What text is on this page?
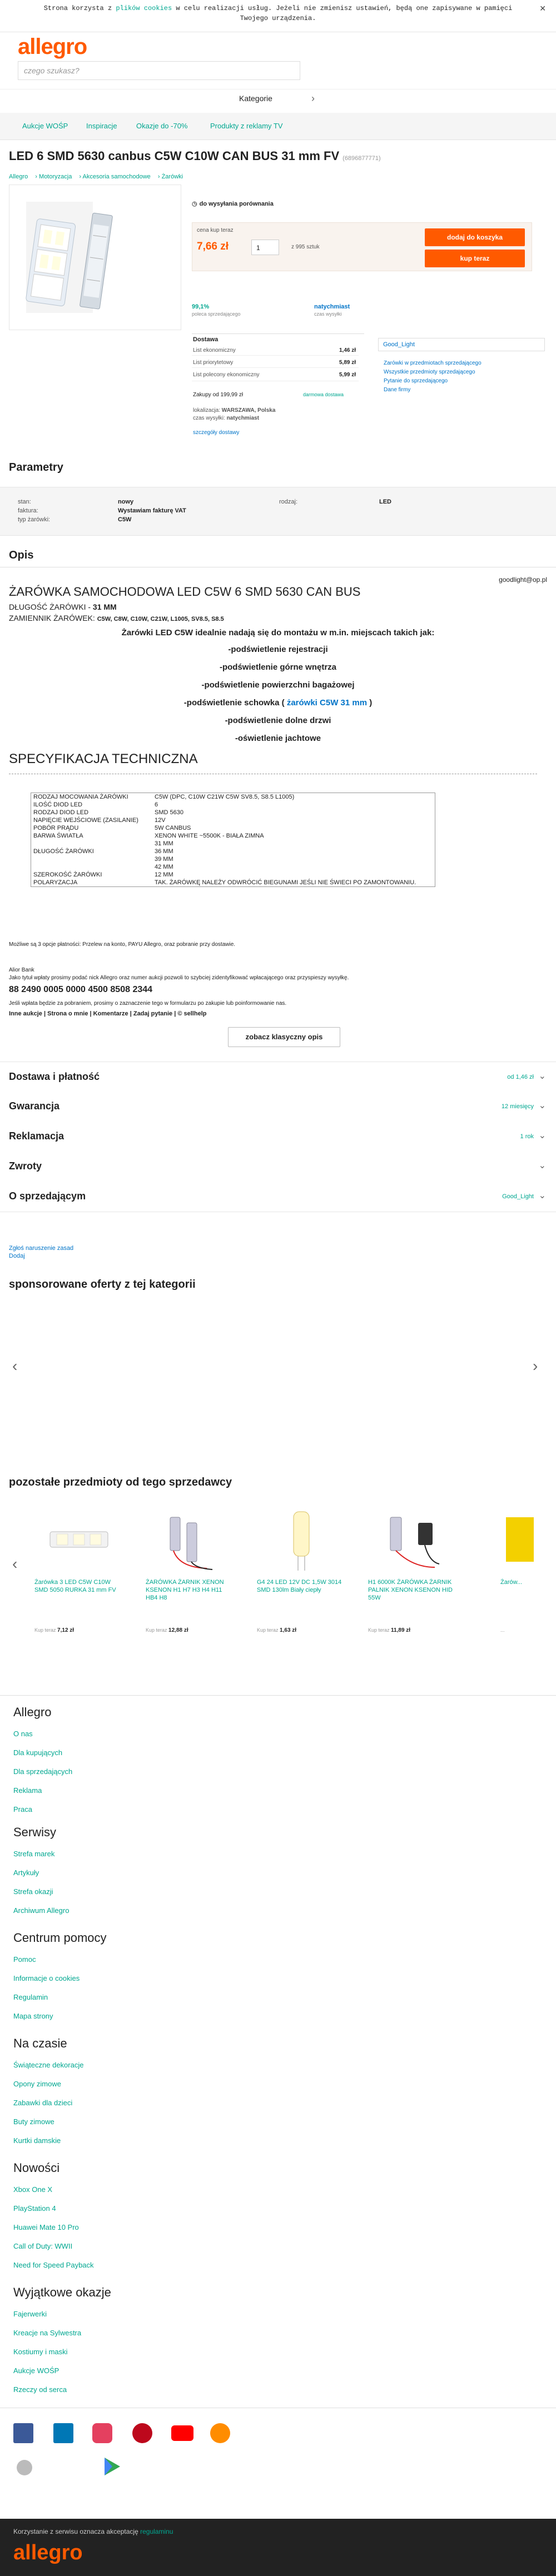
Strona korzysta z plików cookies w celu realizacji usług. Jeżeli nie zmienisz ustawień, będą one zapisywane w pamięci
Twojego urządzenia.
✕
allegro
czego szukasz?
Kategorie	›
Aukcje WOŚP	Inspiracje	Okazje do -70%	Produkty z reklamy TV
LED 6 SMD 5630 canbus C5W C10W CAN BUS 31 mm FV (6896877771)
Allegro › Motoryzacja › Akcesoria samochodowe › Żarówki
◷ do wysyłania porównania
cena kup teraz
7,66 zł	1	z 995 sztuk
dodaj do koszyka
kup teraz
99,1%
poleca sprzedającego
natychmiast
czas wysyłki
Dostawa
List ekonomiczny	1,46 zł
List priorytetowy	5,89 zł
List polecony ekonomiczny	5,99 zł
Zakupy od 199,99 zł	darmowa dostawa
lokalizacja: WARSZAWA, Polska
czas wysyłki: natychmiast
szczegóły dostawy
Good_Light
Zarówki w przedmiotach sprzedającego
Wszystkie przedmioty sprzedającego
Pytanie do sprzedającego
Dane firmy
Parametry
stan:	nowy
faktura:	Wystawiam fakturę VAT
typ żarówki:	C5W
rodzaj:	LED
Opis
goodlight@op.pl
ŻARÓWKA SAMOCHODOWA LED C5W 6 SMD 5630 CAN BUS
DŁUGOŚĆ ŻARÓWKI - 31 MM
ZAMIENNIK ŻARÓWEK: C5W, C8W, C10W, C21W, L1005, SV8.5, S8.5
Żarówki LED C5W idealnie nadają się do montażu w m.in. miejscach takich jak:
-podświetlenie rejestracji
-podświetlenie górne wnętrza
-podświetlenie powierzchni bagażowej
-podświetlenie schowka ( żarówki C5W 31 mm )
-podświetlenie dolne drzwi
-oświetlenie jachtowe
SPECYFIKACJA TECHNICZNA
RODZAJ MOCOWANIA ŻARÓWKI	C5W (DPC, C10W C21W C5W SV8.5, S8.5 L1005)
ILOŚĆ DIOD LED	6
RODZAJ DIOD LED	SMD 5630
NAPIĘCIE WEJŚCIOWE (ZASILANIE)	12V
POBÓR PRĄDU	5W CANBUS
BARWA ŚWIATŁA	XENON WHITE ~5500K - BIAŁA ZIMNA
	31 MM
DŁUGOŚĆ ŻARÓWKI	36 MM
	39 MM
	42 MM
SZEROKOŚĆ ŻARÓWKI	12 MM
POLARYZACJA	TAK. ŻARÓWKĘ NALEŻY ODWRÓCIĆ BIEGUNAMI JEŚLI NIE ŚWIECI PO ZAMONTOWANIU.
Możliwe są 3 opcje płatności: Przelew na konto, PAYU Allegro, oraz pobranie przy dostawie.
Alior Bank
Jako tytuł wpłaty prosimy podać nick Allegro oraz numer aukcji pozwoli to szybciej zidentyfikować wpłacającego oraz przyspieszy wysyłkę.
88 2490 0005 0000 4500 8508 2344
Jeśli wpłata będzie za pobraniem, prosimy o zaznaczenie tego w formularzu po zakupie lub poinformowanie nas.
Inne aukcje | Strona o mnie | Komentarze | Zadaj pytanie | © sellhelp
zobacz klasyczny opis
Dostawa i płatność	od 1,46 zł ⌄
Gwarancja	12 miesięcy ⌄
Reklamacja	1 rok ⌄
Zwroty	⌄
O sprzedającym	Good_Light ⌄
Zgłoś naruszenie zasad
Dodaj
sponsorowane oferty z tej kategorii
‹	›
pozostałe przedmioty od tego sprzedawcy
‹
Żarówka 3 LED C5W C10W SMD 5050 RURKA 31 mm FV
Kup teraz 7,12 zł
ŻARÓWKA ŻARNIK XENON KSENON H1 H7 H3 H4 H11 HB4 H8
Kup teraz 12,88 zł
G4 24 LED 12V DC 1,5W 3014 SMD 130lm Biały ciepły
Kup teraz 1,63 zł
H1 6000K ŻARÓWKA ŻARNIK PALNIK XENON KSENON HID 55W
Kup teraz 11,89 zł
Żarów...
...
Allegro
O nas
Dla kupujących
Dla sprzedających
Reklama
Praca
Serwisy
Strefa marek
Artykuły
Strefa okazji
Archiwum Allegro
Centrum pomocy
Pomoc
Informacje o cookies
Regulamin
Mapa strony
Na czasie
Świąteczne dekoracje
Opony zimowe
Zabawki dla dzieci
Buty zimowe
Kurtki damskie
Nowości
Xbox One X
PlayStation 4
Huawei Mate 10 Pro
Call of Duty: WWII
Need for Speed Payback
Wyjątkowe okazje
Fajerwerki
Kreacje na Sylwestra
Kostiumy i maski
Aukcje WOŚP
Rzeczy od serca
Korzystanie z serwisu oznacza akceptację regulaminu
allegro
